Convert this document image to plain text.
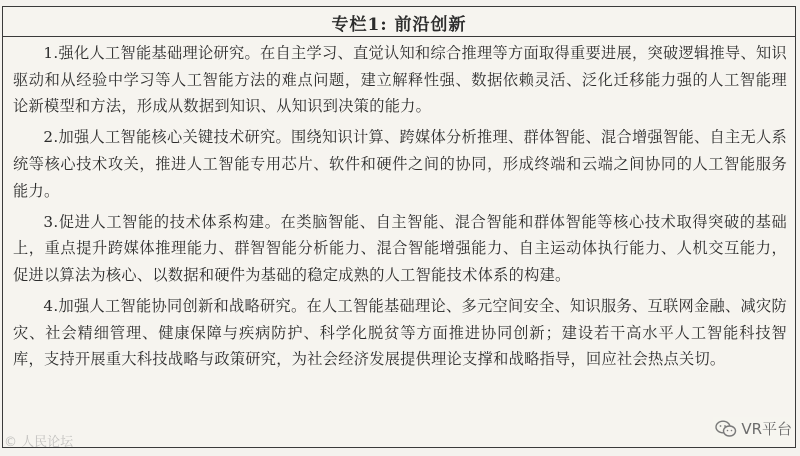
专栏1: 前沿创新

1.强化人工智能基础理论研究。在自主学习、直觉认知和综合推理等方面取得重要进展，突破逻辑推导、知识驱动和从经验中学习等人工智能方法的难点问题，建立解释性强、数据依赖灵活、泛化迁移能力强的人工智能理论新模型和方法，形成从数据到知识、从知识到决策的能力。

2.加强人工智能核心关键技术研究。围绕知识计算、跨媒体分析推理、群体智能、混合增强智能、自主无人系统等核心技术攻关，推进人工智能专用芯片、软件和硬件之间的协同，形成终端和云端之间协同的人工智能服务能力。

3.促进人工智能的技术体系构建。在类脑智能、自主智能、混合智能和群体智能等核心技术取得突破的基础上，重点提升跨媒体推理能力、群智智能分析能力、混合智能增强能力、自主运动体执行能力、人机交互能力，促进以算法为核心、以数据和硬件为基础的稳定成熟的人工智能技术体系的构建。

4.加强人工智能协同创新和战略研究。在人工智能基础理论、多元空间安全、知识服务、互联网金融、减灾防灾、社会精细管理、健康保障与疾病防护、科学化脱贫等方面推进协同创新；建设若干高水平人工智能科技智库，支持开展重大科技战略与政策研究，为社会经济发展提供理论支撑和战略指导，回应社会热点关切。

© 人民论坛
VR平台
